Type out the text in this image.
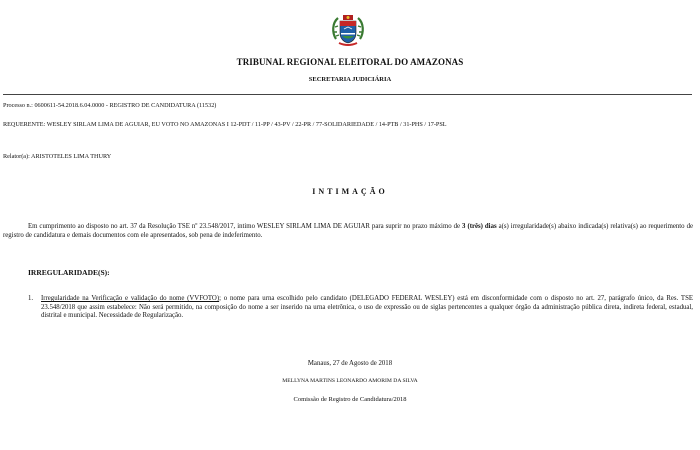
TRIBUNAL REGIONAL ELEITORAL DO AMAZONAS
SECRETARIA JUDICIÁRIA
Processo n.: 0600611-54.2018.6.04.0000 - REGISTRO DE CANDIDATURA (11532)
REQUERENTE: WESLEY SIRLAM LIMA DE AGUIAR, EU VOTO NO AMAZONAS I 12-PDT / 11-PP / 43-PV / 22-PR / 77-SOLIDARIEDADE / 14-PTB / 31-PHS / 17-PSL
Relator(a): ARISTOTELES LIMA THURY
INTIMAÇÃO
Em cumprimento ao disposto no art. 37 da Resolução TSE nº 23.548/2017, intimo WESLEY SIRLAM LIMA DE AGUIAR para suprir no prazo máximo de 3 (três) dias a(s) irregularidade(s) abaixo indicada(s) relativa(s) ao requerimento de registro de candidatura e demais documentos com ele apresentados, sob pena de indeferimento.
IRREGULARIDADE(S):
1. Irregularidade na Verificação e validação do nome (VVFOTO); o nome para urna escolhido pelo candidato (DELEGADO FEDERAL WESLEY) está em disconformidade com o disposto no art. 27, parágrafo único, da Res. TSE 23.548/2018 que assim estabelece: Não será permitido, na composição do nome a ser inserido na urna eletrônica, o uso de expressão ou de siglas pertencentes a qualquer órgão da administração pública direta, indireta federal, estadual, distrital e municipal. Necessidade de Regularização.
Manaus, 27 de Agosto de 2018
MELLYNA MARTINS LEONARDO AMORIM DA SILVA
Comissão de Registro de Candidatura/2018
